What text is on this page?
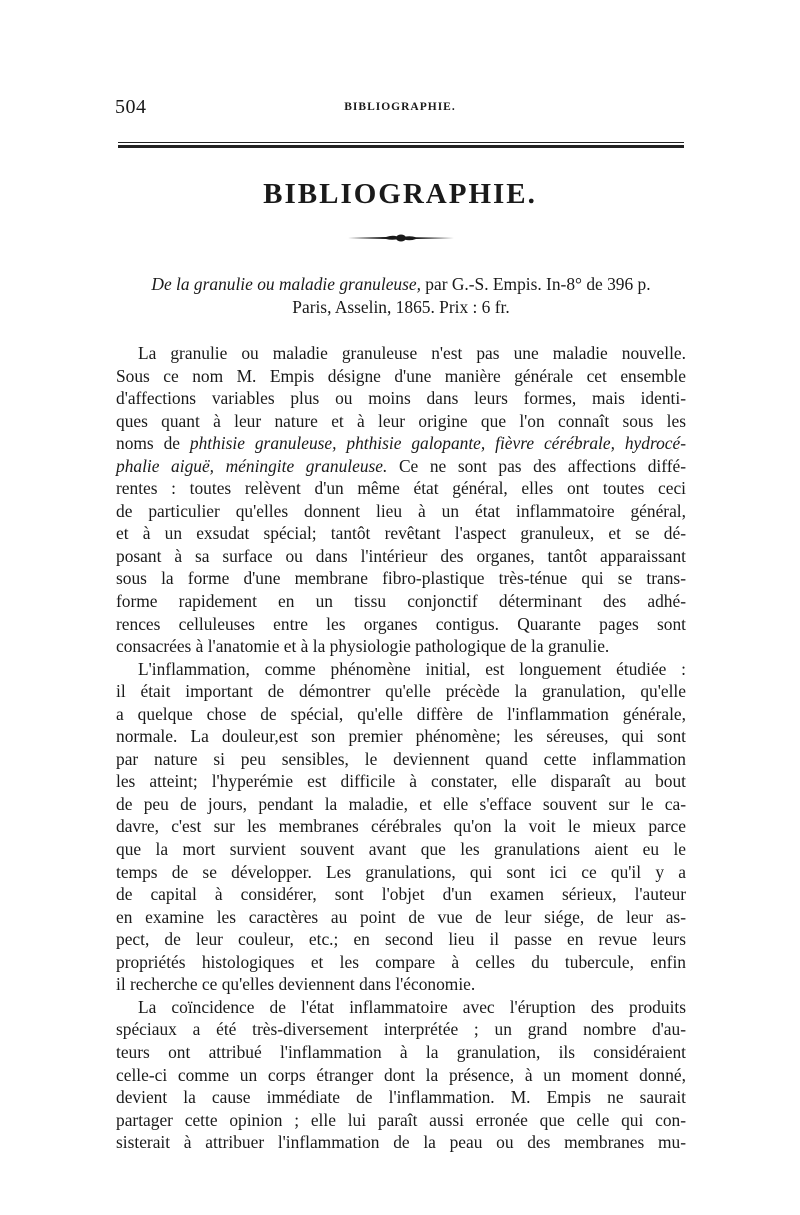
504	BIBLIOGRAPHIE.
BIBLIOGRAPHIE.

De la granulie ou maladie granuleuse, par G.-S. Empis. In-8° de 396 p.
Paris, Asselin, 1865. Prix : 6 fr.

La granulie ou maladie granuleuse n'est pas une maladie nouvelle.
Sous ce nom M. Empis désigne d'une manière générale cet ensemble
d'affections variables plus ou moins dans leurs formes, mais identi-
ques quant à leur nature et à leur origine que l'on connaît sous les
noms de phthisie granuleuse, phthisie galopante, fièvre cérébrale, hydrocé-
phalie aiguë, méningite granuleuse. Ce ne sont pas des affections diffé-
rentes : toutes relèvent d'un même état général, elles ont toutes ceci
de particulier qu'elles donnent lieu à un état inflammatoire général,
et à un exsudat spécial; tantôt revêtant l'aspect granuleux, et se dé-
posant à sa surface ou dans l'intérieur des organes, tantôt apparaissant
sous la forme d'une membrane fibro-plastique très-ténue qui se trans-
forme rapidement en un tissu conjonctif déterminant des adhé-
rences celluleuses entre les organes contigus. Quarante pages sont
consacrées à l'anatomie et à la physiologie pathologique de la granulie.
L'inflammation, comme phénomène initial, est longuement étudiée :
il était important de démontrer qu'elle précède la granulation, qu'elle
a quelque chose de spécial, qu'elle diffère de l'inflammation générale,
normale. La douleur,est son premier phénomène; les séreuses, qui sont
par nature si peu sensibles, le deviennent quand cette inflammation
les atteint; l'hyperémie est difficile à constater, elle disparaît au bout
de peu de jours, pendant la maladie, et elle s'efface souvent sur le ca-
davre, c'est sur les membranes cérébrales qu'on la voit le mieux parce
que la mort survient souvent avant que les granulations aient eu le
temps de se développer. Les granulations, qui sont ici ce qu'il y a
de capital à considérer, sont l'objet d'un examen sérieux, l'auteur
en examine les caractères au point de vue de leur siége, de leur as-
pect, de leur couleur, etc.; en second lieu il passe en revue leurs
propriétés histologiques et les compare à celles du tubercule, enfin
il recherche ce qu'elles deviennent dans l'économie.
La coïncidence de l'état inflammatoire avec l'éruption des produits
spéciaux a été très-diversement interprétée ; un grand nombre d'au-
teurs ont attribué l'inflammation à la granulation, ils considéraient
celle-ci comme un corps étranger dont la présence, à un moment donné,
devient la cause immédiate de l'inflammation. M. Empis ne saurait
partager cette opinion ; elle lui paraît aussi erronée que celle qui con-
sisterait à attribuer l'inflammation de la peau ou des membranes mu-
